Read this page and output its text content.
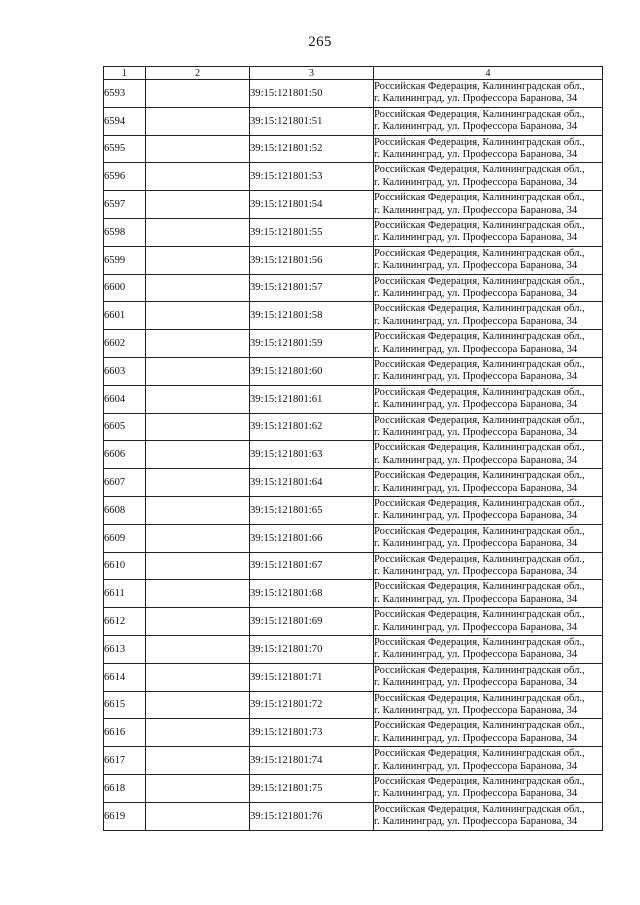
265
1	2	3	4
6593		39:15:121801:50	Российская Федерация, Калининградская обл.,
г. Калининград, ул. Профессора Баранова, 34

6594		39:15:121801:51	Российская Федерация, Калининградская обл.,
г. Калининград, ул. Профессора Баранова, 34

6595		39:15:121801:52	Российская Федерация, Калининградская обл.,
г. Калининград, ул. Профессора Баранова, 34

6596		39:15:121801:53	Российская Федерация, Калининградская обл.,
г. Калининград, ул. Профессора Баранова, 34

6597		39:15:121801:54	Российская Федерация, Калининградская обл.,
г. Калининград, ул. Профессора Баранова, 34

6598		39:15:121801:55	Российская Федерация, Калининградская обл.,
г. Калининград, ул. Профессора Баранова, 34

6599		39:15:121801:56	Российская Федерация, Калининградская обл.,
г. Калининград, ул. Профессора Баранова, 34

6600		39:15:121801:57	Российская Федерация, Калининградская обл.,
г. Калининград, ул. Профессора Баранова, 34

6601		39:15:121801:58	Российская Федерация, Калининградская обл.,
г. Калининград, ул. Профессора Баранова, 34

6602		39:15:121801:59	Российская Федерация, Калининградская обл.,
г. Калининград, ул. Профессора Баранова, 34

6603		39:15:121801:60	Российская Федерация, Калининградская обл.,
г. Калининград, ул. Профессора Баранова, 34

6604		39:15:121801:61	Российская Федерация, Калининградская обл.,
г. Калининград, ул. Профессора Баранова, 34

6605		39:15:121801:62	Российская Федерация, Калининградская обл.,
г. Калининград, ул. Профессора Баранова, 34

6606		39:15:121801:63	Российская Федерация, Калининградская обл.,
г. Калининград, ул. Профессора Баранова, 34

6607		39:15:121801:64	Российская Федерация, Калининградская обл.,
г. Калининград, ул. Профессора Баранова, 34

6608		39:15:121801:65	Российская Федерация, Калининградская обл.,
г. Калининград, ул. Профессора Баранова, 34

6609		39:15:121801:66	Российская Федерация, Калининградская обл.,
г. Калининград, ул. Профессора Баранова, 34

6610		39:15:121801:67	Российская Федерация, Калининградская обл.,
г. Калининград, ул. Профессора Баранова, 34

6611		39:15:121801:68	Российская Федерация, Калининградская обл.,
г. Калининград, ул. Профессора Баранова, 34

6612		39:15:121801:69	Российская Федерация, Калининградская обл.,
г. Калининград, ул. Профессора Баранова, 34

6613		39:15:121801:70	Российская Федерация, Калининградская обл.,
г. Калининград, ул. Профессора Баранова, 34

6614		39:15:121801:71	Российская Федерация, Калининградская обл.,
г. Калининград, ул. Профессора Баранова, 34

6615		39:15:121801:72	Российская Федерация, Калининградская обл.,
г. Калининград, ул. Профессора Баранова, 34

6616		39:15:121801:73	Российская Федерация, Калининградская обл.,
г. Калининград, ул. Профессора Баранова, 34

6617		39:15:121801:74	Российская Федерация, Калининградская обл.,
г. Калининград, ул. Профессора Баранова, 34

6618		39:15:121801:75	Российская Федерация, Калининградская обл.,
г. Калининград, ул. Профессора Баранова, 34

6619		39:15:121801:76	Российская Федерация, Калининградская обл.,
г. Калининград, ул. Профессора Баранова, 34
